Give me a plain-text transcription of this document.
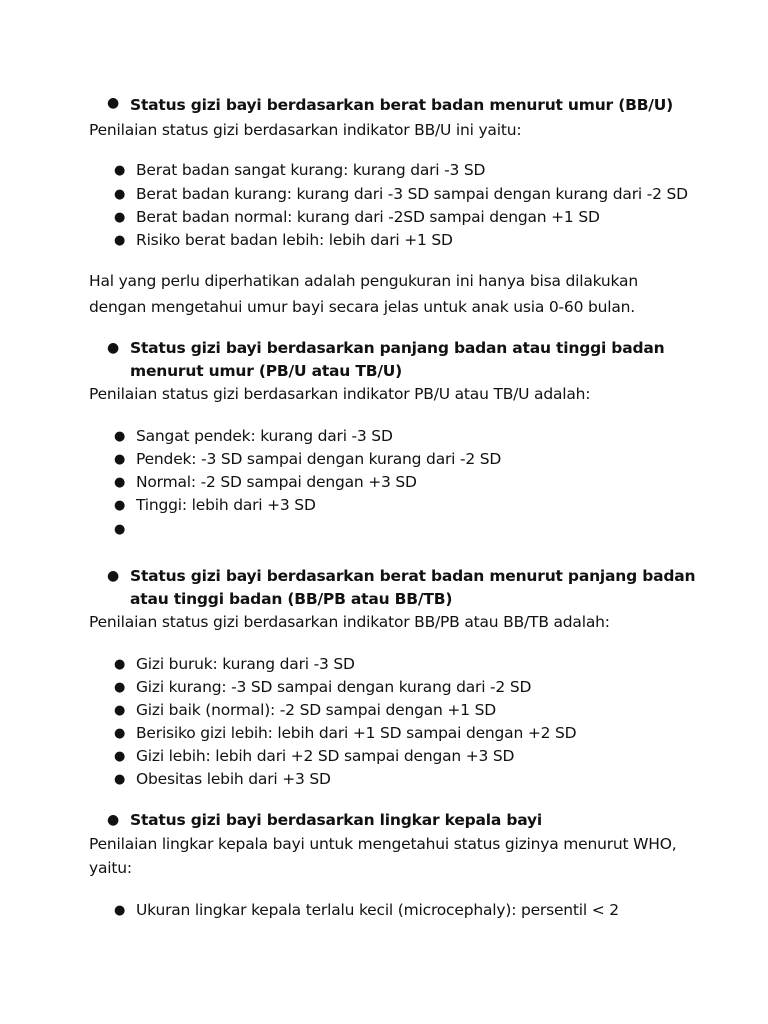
● Status gizi bayi berdasarkan berat badan menurut umur (BB/U)
Penilaian status gizi berdasarkan indikator BB/U ini yaitu:
● Berat badan sangat kurang: kurang dari -3 SD
● Berat badan kurang: kurang dari -3 SD sampai dengan kurang dari -2 SD
● Berat badan normal: kurang dari -2SD sampai dengan +1 SD
● Risiko berat badan lebih: lebih dari +1 SD
Hal yang perlu diperhatikan adalah pengukuran ini hanya bisa dilakukan
dengan mengetahui umur bayi secara jelas untuk anak usia 0-60 bulan.
● Status gizi bayi berdasarkan panjang badan atau tinggi badan
menurut umur (PB/U atau TB/U)
Penilaian status gizi berdasarkan indikator PB/U atau TB/U adalah:
● Sangat pendek: kurang dari -3 SD
● Pendek: -3 SD sampai dengan kurang dari -2 SD
● Normal: -2 SD sampai dengan +3 SD
● Tinggi: lebih dari +3 SD
●
● Status gizi bayi berdasarkan berat badan menurut panjang badan
atau tinggi badan (BB/PB atau BB/TB)
Penilaian status gizi berdasarkan indikator BB/PB atau BB/TB adalah:
● Gizi buruk: kurang dari -3 SD
● Gizi kurang: -3 SD sampai dengan kurang dari -2 SD
● Gizi baik (normal): -2 SD sampai dengan +1 SD
● Berisiko gizi lebih: lebih dari +1 SD sampai dengan +2 SD
● Gizi lebih: lebih dari +2 SD sampai dengan +3 SD
● Obesitas lebih dari +3 SD
● Status gizi bayi berdasarkan lingkar kepala bayi
Penilaian lingkar kepala bayi untuk mengetahui status gizinya menurut WHO,
yaitu:
● Ukuran lingkar kepala terlalu kecil (microcephaly): persentil < 2
